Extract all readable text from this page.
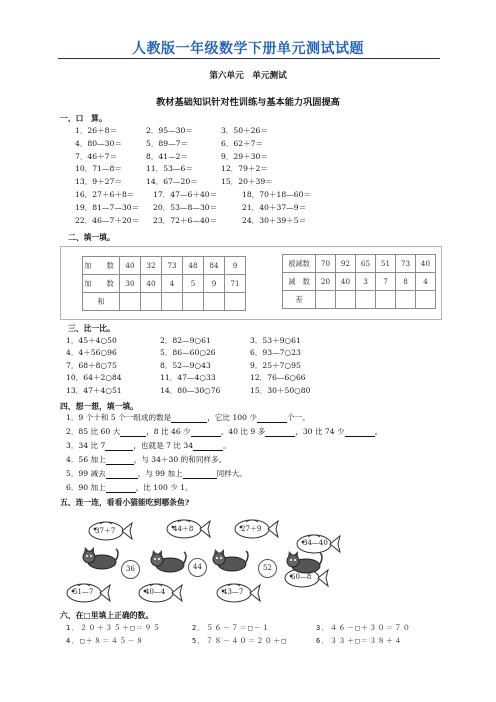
人教版一年级数学下册单元测试试题
第六单元　单元测试
教材基础知识针对性训练与基本能力巩固提高
一、口　算。
1．26＋8＝	2．95—30＝	3．50＋26＝
4．80—30＝	5．89—7＝	6．62＋7＝
7．46＋7＝	8．41—2＝	9．29＋30＝
10．71—8＝	11．53—6＝	12．79＋2＝
13．9＋27＝	14．67—20＝	15．20＋39＝
16．27＋6＋8＝ 17．47—6＋40＝	18．70＋18—60＝
19．81—7—30＝ 20．53—8—30＝	21．40＋37—9＝
22．46—7＋20＝ 23．72＋6—40＝	24．30＋39＋5＝
二、填一填。
加　数	40	32	73	48	84	9
加　数	30	40	4	5	9	71
和						
被减数	70	92	65	51	73	40
减　数	20	40	3	7	8	4
差						
三、比一比。
1．45＋4○50	2．82—9○61	3．53＋9○61
4．4＋56○96	5．86—60○26	6．93—7○23
7．68＋8○75	8．52—9○43	9．25＋7○95
10．64＋2○84	11．47—4○33	12．76—6○66
13．47＋4○51	14．80—30○76	15．30＋50○80
四、想一想，填一填。
1．9 个十和 5 个一组成的数是	，它比 100 少	个一。
2．85 比 60 大	，8 比 46 少	，40 比 9 多	，30 比 74 少	。
3．34 比 7	，也就是 7 比 34	。
4．56 加上	，与 34＋30 的和同样多。
5．99 减去	，与 99 加上	同样大。
6．90 加上	，比 100 少 1。
五、连一连，看看小猫能吃到哪条鱼?
37＋7	44＋8	27＋9
34—40
51—7	40—4	43—7
60—8
36	44	52
六、在□里填上正确的数。
1．２０＋３５＋□＝９５	2．５６－７＝□－１	3．４６－□＋３０＝７０
4．□＋８＝４５－８	5．７８－４０＝２０＋□	6．３３＋□＝３８＋４
